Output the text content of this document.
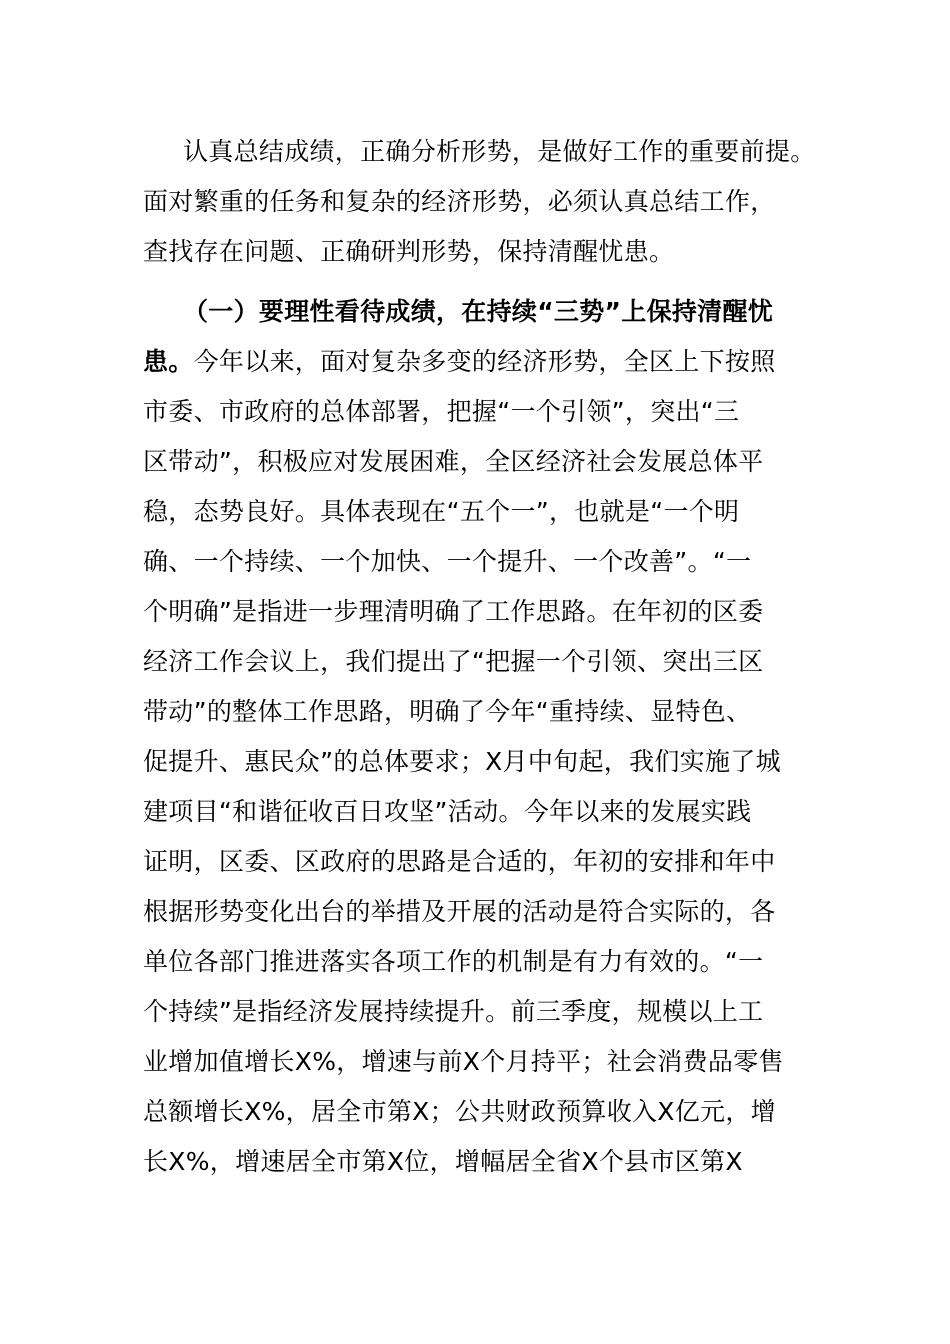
认真总结成绩，正确分析形势，是做好工作的重要前提。
面对繁重的任务和复杂的经济形势，必须认真总结工作，
查找存在问题、正确研判形势，保持清醒忧患。
（一）要理性看待成绩，在持续“三势”上保持清醒忧
患。今年以来，面对复杂多变的经济形势，全区上下按照
市委、市政府的总体部署，把握“一个引领”，突出“三
区带动”，积极应对发展困难，全区经济社会发展总体平
稳，态势良好。具体表现在“五个一”，也就是“一个明
确、一个持续、一个加快、一个提升、一个改善”。“一
个明确”是指进一步理清明确了工作思路。在年初的区委
经济工作会议上，我们提出了“把握一个引领、突出三区
带动”的整体工作思路，明确了今年“重持续、显特色、
促提升、惠民众”的总体要求；X月中旬起，我们实施了城
建项目“和谐征收百日攻坚”活动。今年以来的发展实践
证明，区委、区政府的思路是合适的，年初的安排和年中
根据形势变化出台的举措及开展的活动是符合实际的，各
单位各部门推进落实各项工作的机制是有力有效的。“一
个持续”是指经济发展持续提升。前三季度，规模以上工
业增加值增长X%，增速与前X个月持平；社会消费品零售
总额增长X%，居全市第X；公共财政预算收入X亿元，增
长X%，增速居全市第X位，增幅居全省X个县市区第X
